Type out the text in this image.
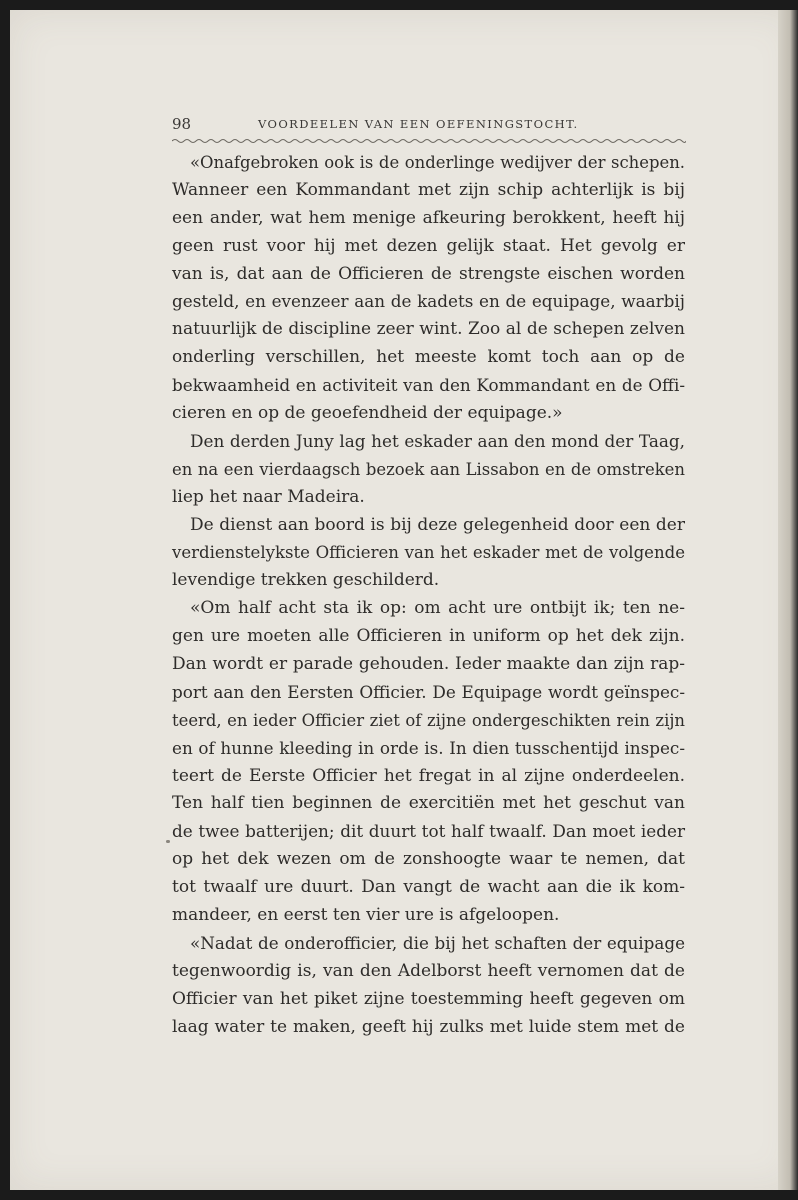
98	VOORDEELEN VAN EEN OEFENINGSTOCHT.
«Onafgebroken ook is de onderlinge wedijver der schepen.
Wanneer een Kommandant met zijn schip achterlijk is bij
een ander, wat hem menige afkeuring berokkent, heeft hij
geen rust voor hij met dezen gelijk staat. Het gevolg er
van is, dat aan de Officieren de strengste eischen worden
gesteld, en evenzeer aan de kadets en de equipage, waarbij
natuurlijk de discipline zeer wint. Zoo al de schepen zelven
onderling verschillen, het meeste komt toch aan op de
bekwaamheid en activiteit van den Kommandant en de Offi-
cieren en op de geoefendheid der equipage.»
Den derden Juny lag het eskader aan den mond der Taag,
en na een vierdaagsch bezoek aan Lissabon en de omstreken
liep het naar Madeira.
De dienst aan boord is bij deze gelegenheid door een der
verdienstelykste Officieren van het eskader met de volgende
levendige trekken geschilderd.
«Om half acht sta ik op: om acht ure ontbijt ik; ten ne-
gen ure moeten alle Officieren in uniform op het dek zijn.
Dan wordt er parade gehouden. Ieder maakte dan zijn rap-
port aan den Eersten Officier. De Equipage wordt geïnspec-
teerd, en ieder Officier ziet of zijne ondergeschikten rein zijn
en of hunne kleeding in orde is. In dien tusschentijd inspec-
teert de Eerste Officier het fregat in al zijne onderdeelen.
Ten half tien beginnen de exercitiën met het geschut van
de twee batterijen; dit duurt tot half twaalf. Dan moet ieder
op het dek wezen om de zonshoogte waar te nemen, dat
tot twaalf ure duurt. Dan vangt de wacht aan die ik kom-
mandeer, en eerst ten vier ure is afgeloopen.
«Nadat de onderofficier, die bij het schaften der equipage
tegenwoordig is, van den Adelborst heeft vernomen dat de
Officier van het piket zijne toestemming heeft gegeven om
laag water te maken, geeft hij zulks met luide stem met de
